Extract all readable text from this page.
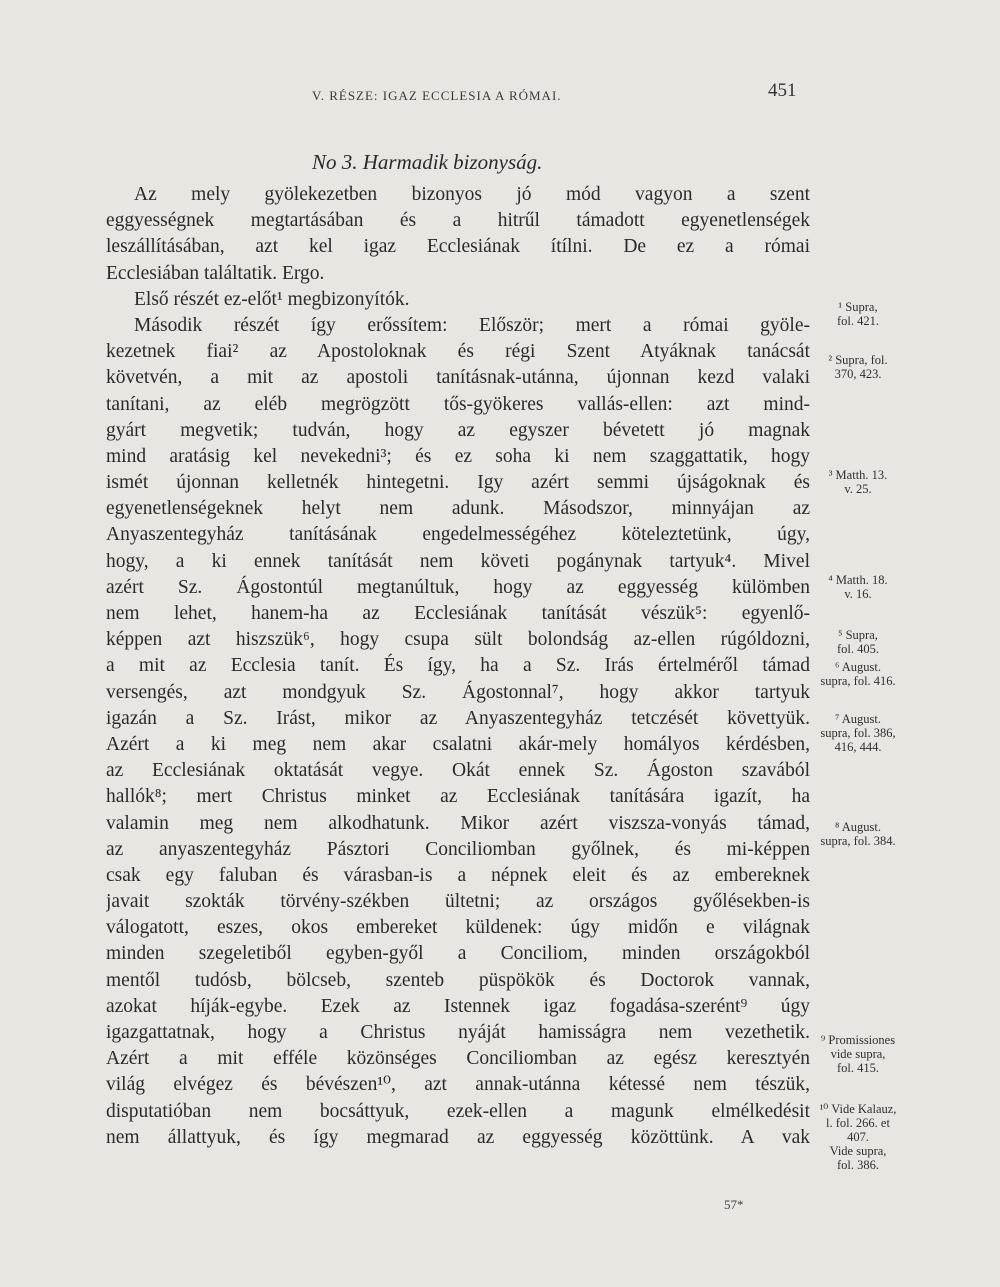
V. RÉSZE: IGAZ ECCLESIA A RÓMAI.	451
No 3. Harmadik bizonyság.
Az mely gyölekezetben bizonyos jó mód vagyon a szent
eggyességnek megtartásában és a hitrűl támadott egyenetlenségek
leszállításában, azt kel igaz Ecclesiának ítílni. De ez a római
Ecclesiában találtatik. Ergo.
Első részét ez-előt¹ megbizonyítók.
Második részét így erőssítem: Először; mert a római gyöle-
kezetnek fiai² az Apostoloknak és régi Szent Atyáknak tanácsát
követvén, a mit az apostoli tanításnak-utánna, újonnan kezd valaki
tanítani, az eléb megrögzött tős-gyökeres vallás-ellen: azt mind-
gyárt megvetik; tudván, hogy az egyszer bévetett jó magnak
mind aratásig kel nevekedni³; és ez soha ki nem szaggattatik, hogy
ismét újonnan kelletnék hintegetni. Igy azért semmi újságoknak és
egyenetlenségeknek helyt nem adunk. Másodszor, minnyájan az
Anyaszentegyház tanításának engedelmességéhez köteleztetünk, úgy,
hogy, a ki ennek tanítását nem követi pogánynak tartyuk⁴. Mivel
azért Sz. Ágostontúl megtanúltuk, hogy az eggyesség külömben
nem lehet, hanem-ha az Ecclesiának tanítását vészük⁵: egyenlő-
képpen azt hiszszük⁶, hogy csupa sült bolondság az-ellen rúgóldozni,
a mit az Ecclesia tanít. És így, ha a Sz. Irás értelméről támad
versengés, azt mondgyuk Sz. Ágostonnal⁷, hogy akkor tartyuk
igazán a Sz. Irást, mikor az Anyaszentegyház tetczését követtyük.
Azért a ki meg nem akar csalatni akár-mely homályos kérdésben,
az Ecclesiának oktatását vegye. Okát ennek Sz. Ágoston szavából
hallók⁸; mert Christus minket az Ecclesiának tanítására igazít, ha
valamin meg nem alkodhatunk. Mikor azért viszsza-vonyás támad,
az anyaszentegyház Pásztori Conciliomban győlnek, és mi-képpen
csak egy faluban és várasban-is a népnek eleit és az embereknek
javait szokták törvény-székben ültetni; az országos győlésekben-is
válogatott, eszes, okos embereket küldenek: úgy midőn e világnak
minden szegeletiből egyben-győl a Conciliom, minden országokból
mentől tudósb, bölcseb, szenteb püspökök és Doctorok vannak,
azokat híják-egybe. Ezek az Istennek igaz fogadása-szerént⁹ úgy
igazgattatnak, hogy a Christus nyáját hamisságra nem vezethetik.
Azért a mit efféle közönséges Conciliomban az egész keresztyén
világ elvégez és bévészen¹⁰, azt annak-utánna kétessé nem tészük,
disputatióban nem bocsáttyuk, ezek-ellen a magunk elmélkedésit
nem állattyuk, és így megmarad az eggyesség közöttünk. A vak
¹ Supra,
fol. 421.
² Supra, fol.
370, 423.
³ Matth. 13.
v. 25.
⁴ Matth. 18.
v. 16.
⁵ Supra,
fol. 405.
⁶ August.
supra, fol. 416.
⁷ August.
supra, fol. 386,
416, 444.
⁸ August.
supra, fol. 384.
⁹ Promissiones
vide supra,
fol. 415.
¹⁰ Vide Kalauz,
l. fol. 266. et
407.
Vide supra,
fol. 386.
57*
